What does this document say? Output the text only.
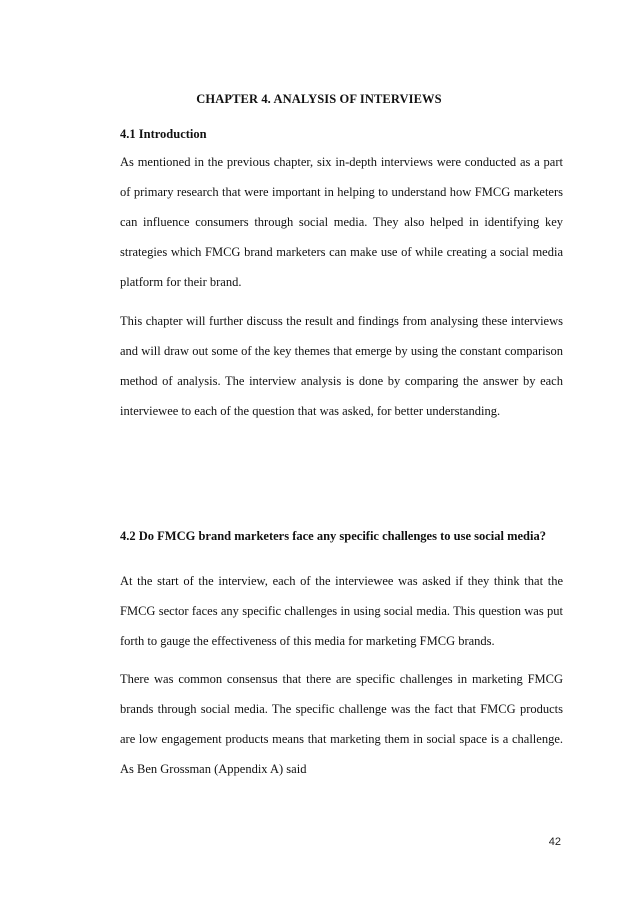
CHAPTER 4. ANALYSIS OF INTERVIEWS
4.1 Introduction

As mentioned in the previous chapter, six in-depth interviews were conducted as a part of primary research that were important in helping to understand how FMCG marketers can influence consumers through social media. They also helped in identifying key strategies which FMCG brand marketers can make use of while creating a social media platform for their brand.

This chapter will further discuss the result and findings from analysing these interviews and will draw out some of the key themes that emerge by using the constant comparison method of analysis. The interview analysis is done by comparing the answer by each interviewee to each of the question that was asked, for better understanding.

4.2 Do FMCG brand marketers face any specific challenges to use social media?

At the start of the interview, each of the interviewee was asked if they think that the FMCG sector faces any specific challenges in using social media. This question was put forth to gauge the effectiveness of this media for marketing FMCG brands.

There was common consensus that there are specific challenges in marketing FMCG brands through social media. The specific challenge was the fact that FMCG products are low engagement products means that marketing them in social space is a challenge. As Ben Grossman (Appendix A) said

42
